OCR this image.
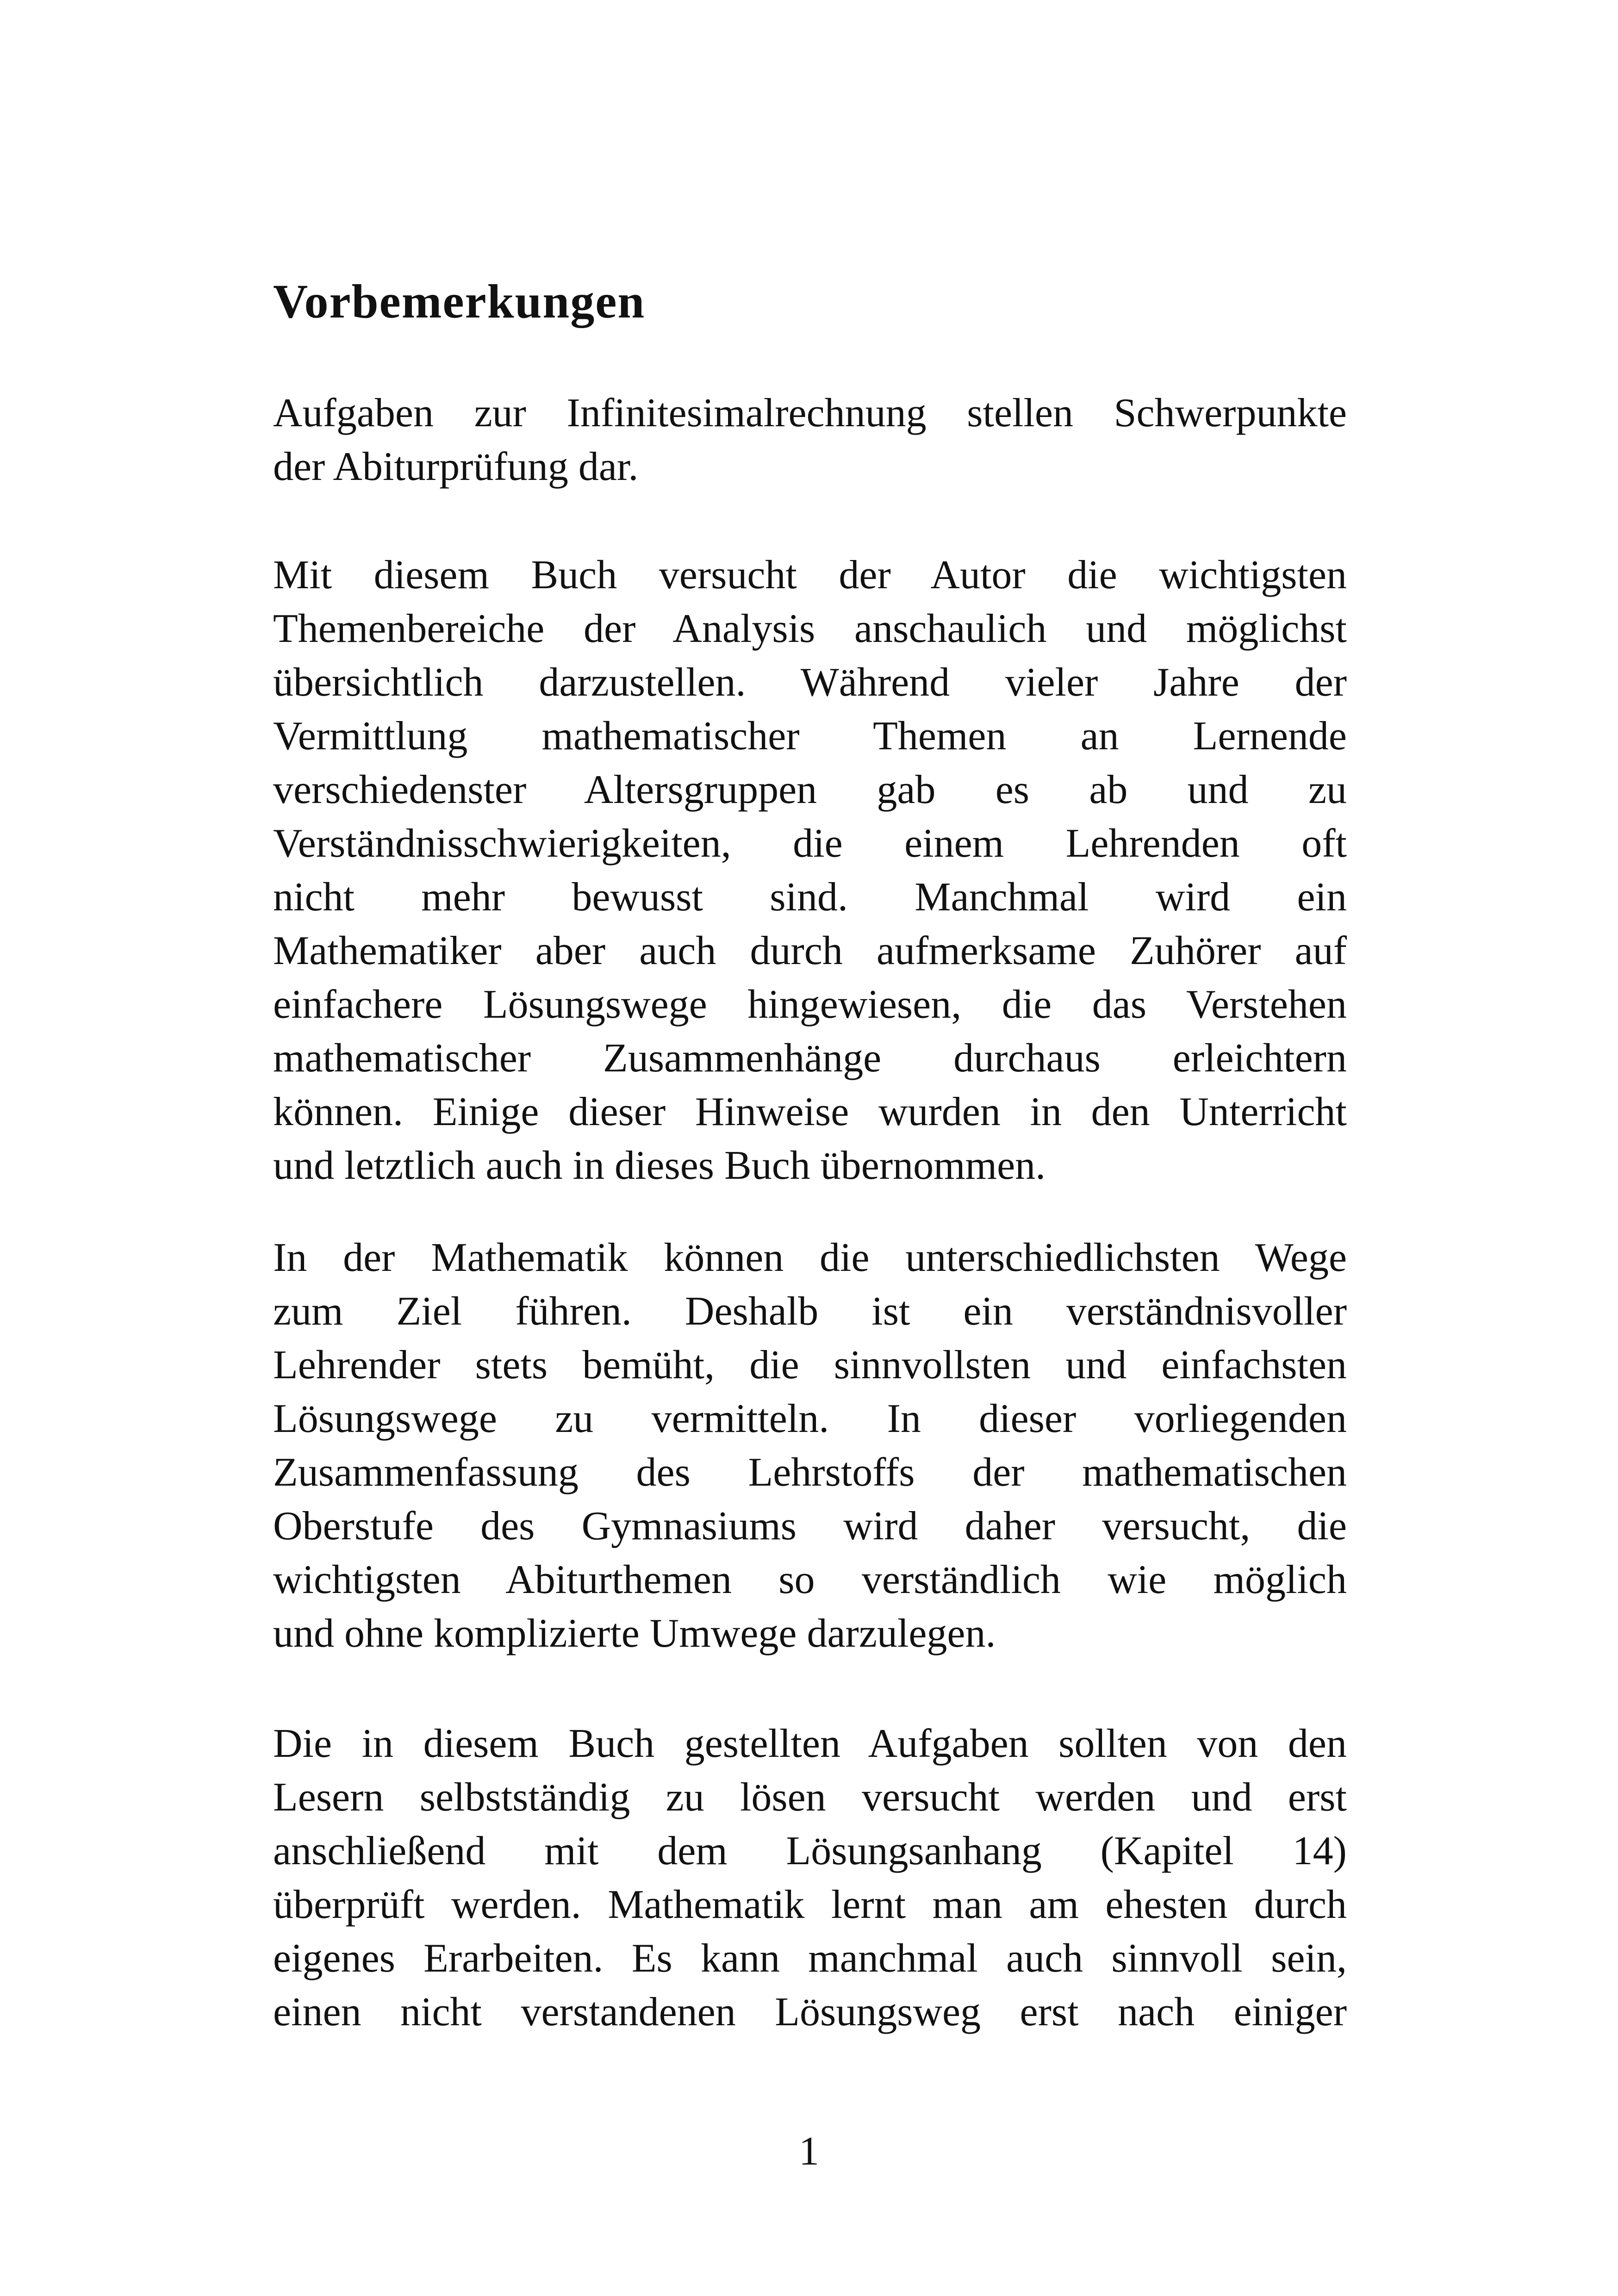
Vorbemerkungen
Aufgaben zur Infinitesimalrechnung stellen Schwerpunkte
der Abiturprüfung dar.
Mit diesem Buch versucht der Autor die wichtigsten
Themenbereiche der Analysis anschaulich und möglichst
übersichtlich darzustellen. Während vieler Jahre der
Vermittlung mathematischer Themen an Lernende
verschiedenster Altersgruppen gab es ab und zu
Verständnisschwierigkeiten, die einem Lehrenden oft
nicht mehr bewusst sind. Manchmal wird ein
Mathematiker aber auch durch aufmerksame Zuhörer auf
einfachere Lösungswege hingewiesen, die das Verstehen
mathematischer Zusammenhänge durchaus erleichtern
können. Einige dieser Hinweise wurden in den Unterricht
und letztlich auch in dieses Buch übernommen.
In der Mathematik können die unterschiedlichsten Wege
zum Ziel führen. Deshalb ist ein verständnisvoller
Lehrender stets bemüht, die sinnvollsten und einfachsten
Lösungswege zu vermitteln. In dieser vorliegenden
Zusammenfassung des Lehrstoffs der mathematischen
Oberstufe des Gymnasiums wird daher versucht, die
wichtigsten Abiturthemen so verständlich wie möglich
und ohne komplizierte Umwege darzulegen.
Die in diesem Buch gestellten Aufgaben sollten von den
Lesern selbstständig zu lösen versucht werden und erst
anschließend mit dem Lösungsanhang (Kapitel 14)
überprüft werden. Mathematik lernt man am ehesten durch
eigenes Erarbeiten. Es kann manchmal auch sinnvoll sein,
einen nicht verstandenen Lösungsweg erst nach einiger
1
